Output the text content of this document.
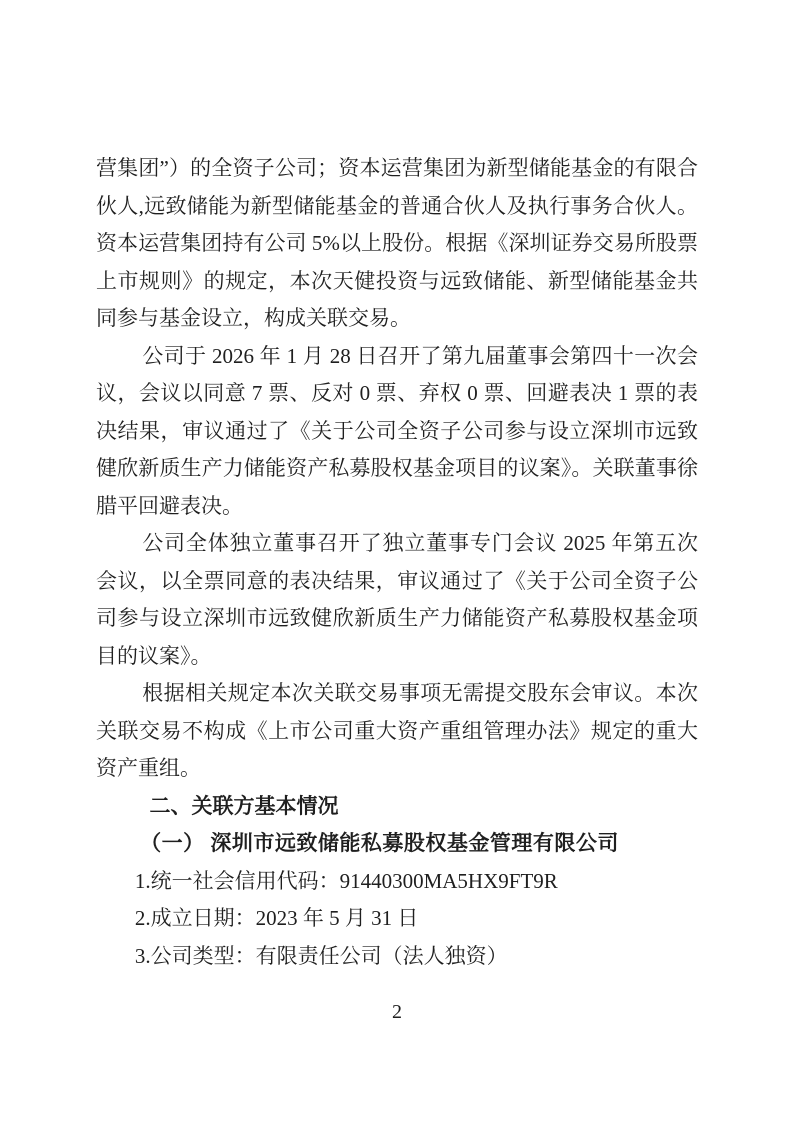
营集团”）的全资子公司；资本运营集团为新型储能基金的有限合伙人,远致储能为新型储能基金的普通合伙人及执行事务合伙人。资本运营集团持有公司 5%以上股份。根据《深圳证券交易所股票上市规则》的规定，本次天健投资与远致储能、新型储能基金共同参与基金设立，构成关联交易。

公司于 2026 年 1 月 28 日召开了第九届董事会第四十一次会议，会议以同意 7 票、反对 0 票、弃权 0 票、回避表决 1 票的表决结果，审议通过了《关于公司全资子公司参与设立深圳市远致健欣新质生产力储能资产私募股权基金项目的议案》。关联董事徐腊平回避表决。

公司全体独立董事召开了独立董事专门会议 2025 年第五次会议，以全票同意的表决结果，审议通过了《关于公司全资子公司参与设立深圳市远致健欣新质生产力储能资产私募股权基金项目的议案》。

根据相关规定本次关联交易事项无需提交股东会审议。本次关联交易不构成《上市公司重大资产重组管理办法》规定的重大资产重组。

二、关联方基本情况
（一） 深圳市远致储能私募股权基金管理有限公司

1.统一社会信用代码：91440300MA5HX9FT9R

2.成立日期：2023 年 5 月 31 日

3.公司类型：有限责任公司（法人独资）

2
